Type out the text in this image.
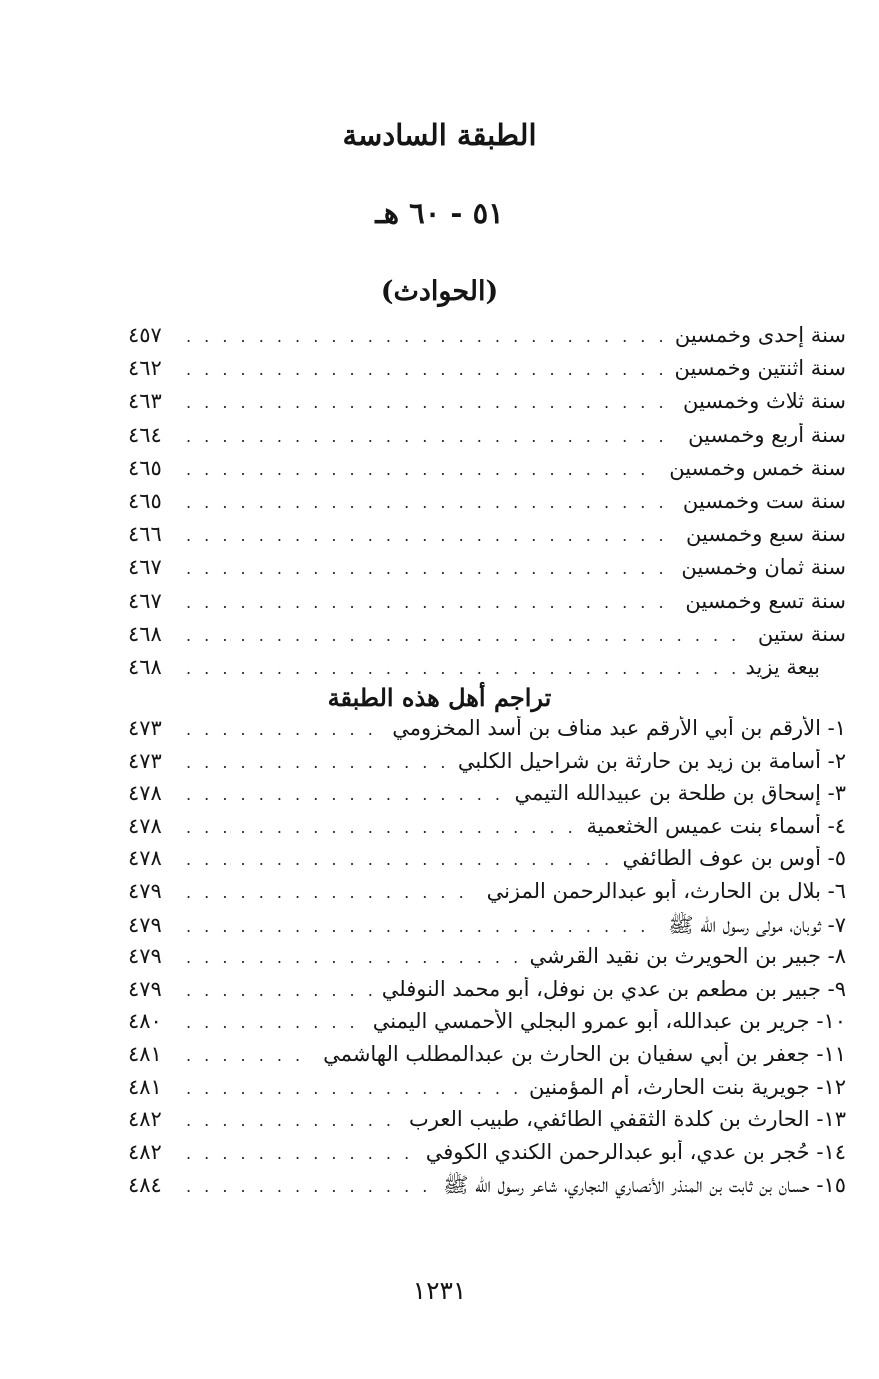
الطبقة السادسة
٥١ - ٦٠ هـ
(الحوادث)
سنة إحدى وخمسين
. . .
٤٥٧
سنة اثنتين وخمسين
. . .
٤٦٢
سنة ثلاث وخمسين
. . .
٤٦٣
سنة أربع وخمسين
. . .
٤٦٤
سنة خمس وخمسين
. . .
٤٦٥
سنة ست وخمسين
. . .
٤٦٥
سنة سبع وخمسين
. . .
٤٦٦
سنة ثمان وخمسين
. . .
٤٦٧
سنة تسع وخمسين
. . .
٤٦٧
سنة ستين
. . .
٤٦٨
بيعة يزيد
. . .
٤٦٨
تراجم أهل هذه الطبقة
١- الأرقم بن أبي الأرقم عبد مناف بن أسد المخزومي
. . .
٤٧٣
٢- أسامة بن زيد بن حارثة بن شراحيل الكلبي
. . .
٤٧٣
٣- إسحاق بن طلحة بن عبيدالله التيمي
. . .
٤٧٨
٤- أسماء بنت عميس الخثعمية
. . .
٤٧٨
٥- أوس بن عوف الطائفي
. . .
٤٧٨
٦- بلال بن الحارث، أبو عبدالرحمن المزني
. . .
٤٧٩
٧- ثوبان، مولى رسول الله ﷺ
. . .
٤٧٩
٨- جبير بن الحويرث بن نقيد القرشي
. . .
٤٧٩
٩- جبير بن مطعم بن عدي بن نوفل، أبو محمد النوفلي
. . .
٤٧٩
١٠- جرير بن عبدالله، أبو عمرو البجلي الأحمسي اليمني
. . .
٤٨٠
١١- جعفر بن أبي سفيان بن الحارث بن عبدالمطلب الهاشمي
. . .
٤٨١
١٢- جويرية بنت الحارث، أم المؤمنين
. . .
٤٨١
١٣- الحارث بن كلدة الثقفي الطائفي، طبيب العرب
. . .
٤٨٢
١٤- حُجر بن عدي، أبو عبدالرحمن الكندي الكوفي
. . .
٤٨٢
١٥- حسان بن ثابت بن المنذر الأنصاري النجاري، شاعر رسول الله ﷺ
. . .
٤٨٤
١٢٣١
